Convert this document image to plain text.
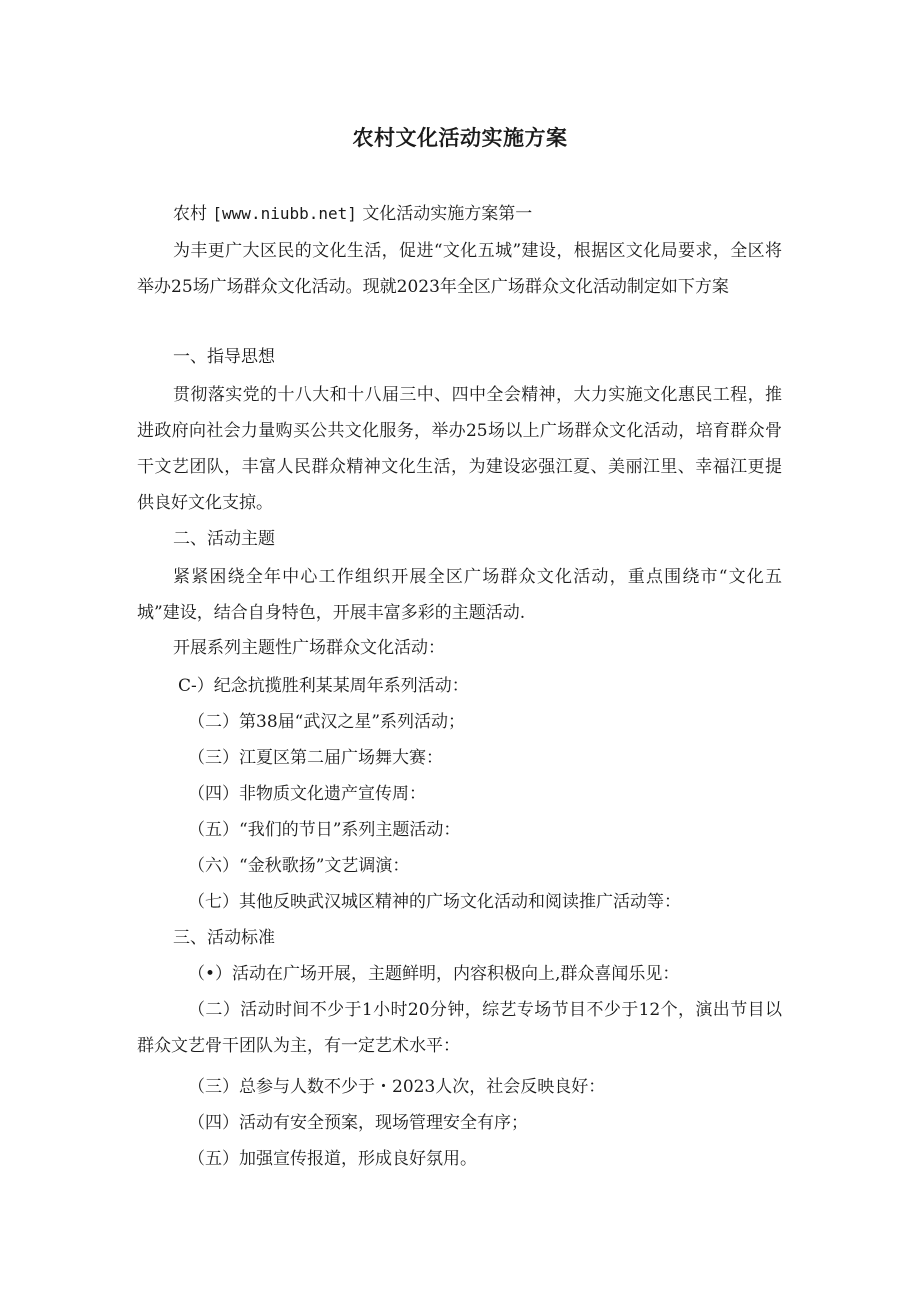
农村文化活动实施方案
农村 [www.niubb.net] 文化活动实施方案第一
为丰更广大区民的文化生活，促进“文化五城”建设，根据区文化局要求，全区将举办25场广场群众文化活动。现就2023年全区广场群众文化活动制定如下方案
一、指导思想
贯彻落实党的十八大和十八届三中、四中全会精神，大力实施文化惠民工程，推进政府向社会力量购买公共文化服务，举办25场以上广场群众文化活动，培育群众骨干文艺团队，丰富人民群众精神文化生活，为建设宓强江夏、美丽江里、幸福江更提供良好文化支掠。
二、活动主题
紧紧困绕全年中心工作组织开展全区广场群众文化活动，重点围绕市“文化五城”建设，结合自身特色，开展丰富多彩的主题活动.
开展系列主题性广场群众文化活动：
C-）纪念抗揽胜利某某周年系列活动：
（二）第38届“武汉之星”系列活动；
（三）江夏区第二届广场舞大赛：
（四）非物质文化遗产宣传周：
（五）“我们的节日”系列主题活动：
（六）“金秋歌扬”文艺调演：
（七）其他反映武汉城区精神的广场文化活动和阅读推广活动等：
三、活动标准
（•）活动在广场开展，主题鲜明，内容积极向上,群众喜闻乐见：
（二）活动时间不少于1小时20分钟，综艺专场节目不少于12个，演出节目以群众文艺骨干团队为主，有一定艺术水平：
（三）总参与人数不少于・2023人次，社会反映良好：
（四）活动有安全预案，现场管理安全有序；
（五）加强宣传报道，形成良好氛用。
